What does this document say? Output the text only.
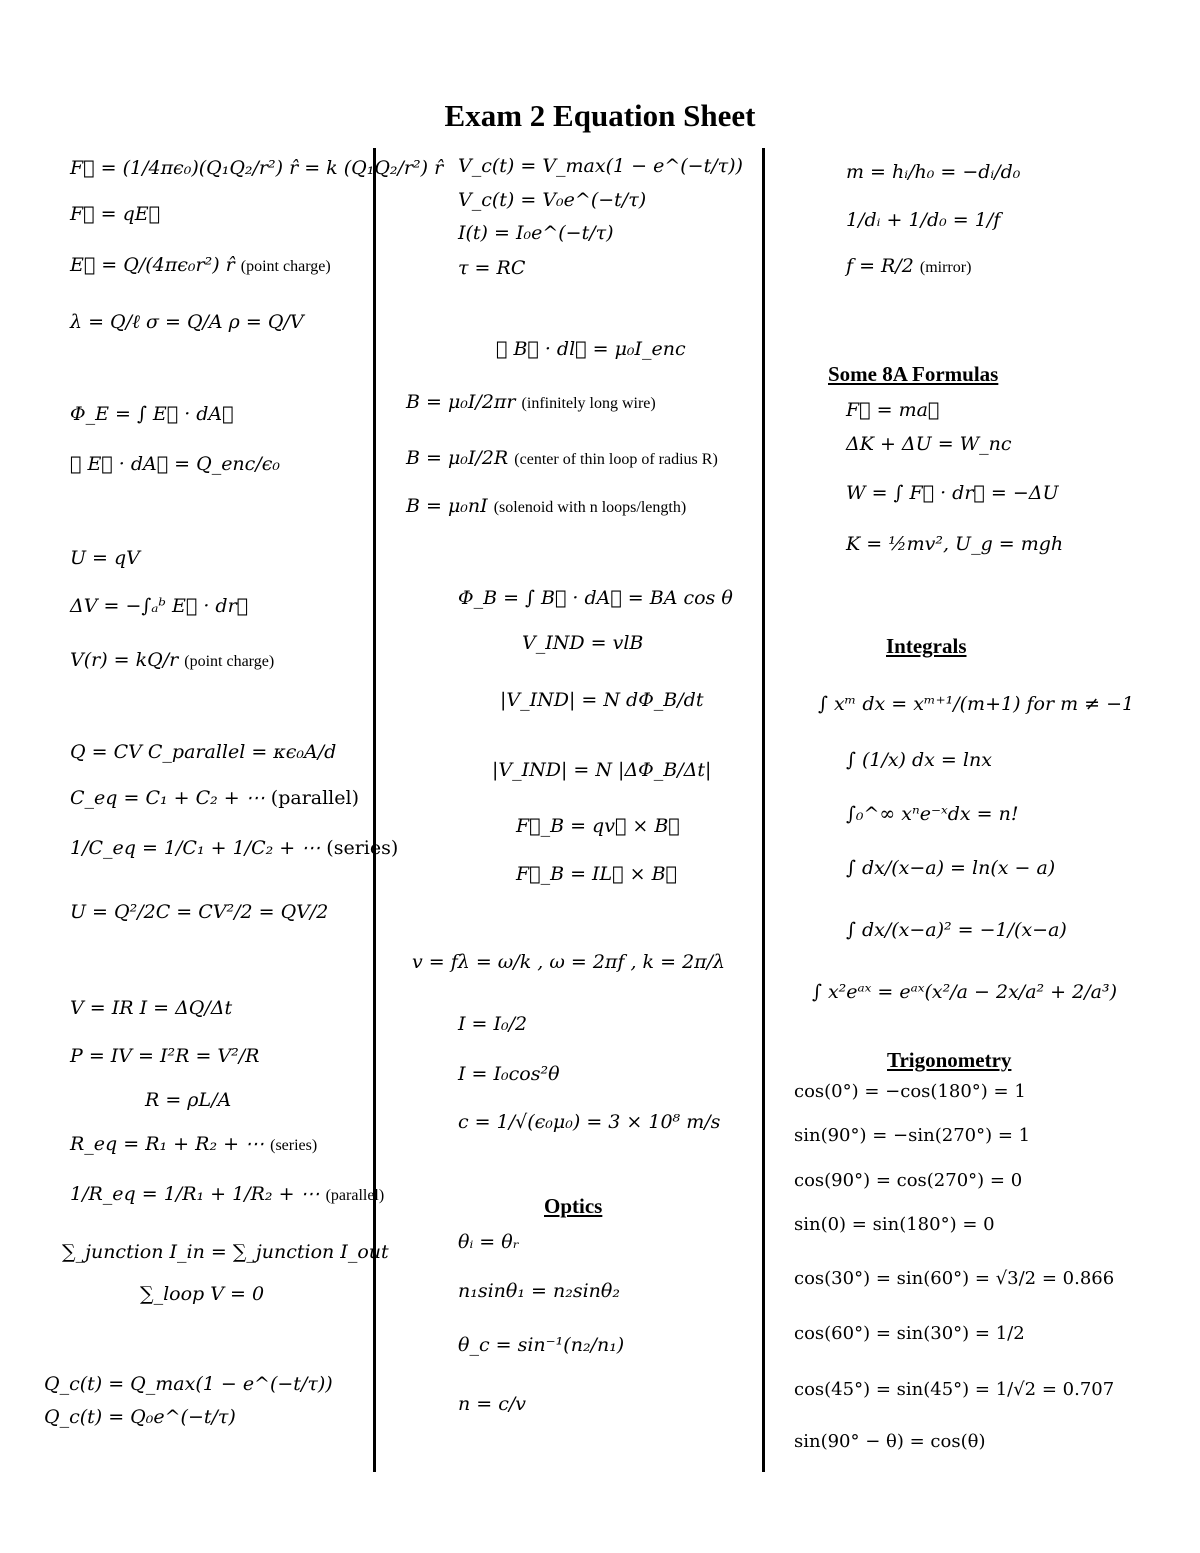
Exam 2 Equation Sheet
F⃗ = (1/4πϵ₀)(Q₁Q₂/r²) r̂ = k (Q₁Q₂/r²) r̂
F⃗ = qE⃗
E⃗ = Q/(4πϵ₀r²) r̂ (point charge)
λ = Q/ℓ σ = Q/A ρ = Q/V
Φ_E = ∫ E⃗ · dA⃗
∮ E⃗ · dA⃗ = Q_enc/ϵ₀
U = qV
ΔV = −∫ₐᵇ E⃗ · dr⃗
V(r) = kQ/r (point charge)
Q = CV C_parallel = κϵ₀A/d
C_eq = C₁ + C₂ + ⋯ (parallel)
1/C_eq = 1/C₁ + 1/C₂ + ⋯ (series)
U = Q²/2C = CV²/2 = QV/2
V = IR I = ΔQ/Δt
P = IV = I²R = V²/R
R = ρL/A
R_eq = R₁ + R₂ + ⋯ (series)
1/R_eq = 1/R₁ + 1/R₂ + ⋯ (parallel)
∑_junction I_in = ∑_junction I_out
∑_loop V = 0
Q_c(t) = Q_max(1 − e^(−t/τ))
Q_c(t) = Q₀e^(−t/τ)
V_c(t) = V_max(1 − e^(−t/τ))
V_c(t) = V₀e^(−t/τ)
I(t) = I₀e^(−t/τ)
τ = RC
∮ B⃗ · dl⃗ = μ₀I_enc
B = μ₀I/2πr (infinitely long wire)
B = μ₀I/2R (center of thin loop of radius R)
B = μ₀nI (solenoid with n loops/length)
Φ_B = ∫ B⃗ · dA⃗ = BA cos θ
V_IND = vlB
|V_IND| = N dΦ_B/dt
|V_IND| = N |ΔΦ_B/Δt|
F⃗_B = qv⃗ × B⃗
F⃗_B = IL⃗ × B⃗
v = fλ = ω/k , ω = 2πf , k = 2π/λ
I = I₀/2
I = I₀cos²θ
c = 1/√(ϵ₀μ₀) = 3 × 10⁸ m/s
Optics
θᵢ = θᵣ
n₁sinθ₁ = n₂sinθ₂
θ_c = sin⁻¹(n₂/n₁)
n = c/v
m = hᵢ/h₀ = −dᵢ/d₀
1/dᵢ + 1/d₀ = 1/f
f = R/2 (mirror)
Some 8A Formulas
F⃗ = ma⃗
ΔK + ΔU = W_nc
W = ∫ F⃗ · dr⃗ = −ΔU
K = ½mv², U_g = mgh
Integrals
∫ xᵐ dx = xᵐ⁺¹/(m+1) for m ≠ −1
∫ (1/x) dx = lnx
∫₀^∞ xⁿe⁻ˣdx = n!
∫ dx/(x−a) = ln(x − a)
∫ dx/(x−a)² = −1/(x−a)
∫ x²eᵃˣ = eᵃˣ(x²/a − 2x/a² + 2/a³)
Trigonometry
cos(0°) = −cos(180°) = 1
sin(90°) = −sin(270°) = 1
cos(90°) = cos(270°) = 0
sin(0) = sin(180°) = 0
cos(30°) = sin(60°) = √3/2 = 0.866
cos(60°) = sin(30°) = 1/2
cos(45°) = sin(45°) = 1/√2 = 0.707
sin(90° − θ) = cos(θ)
